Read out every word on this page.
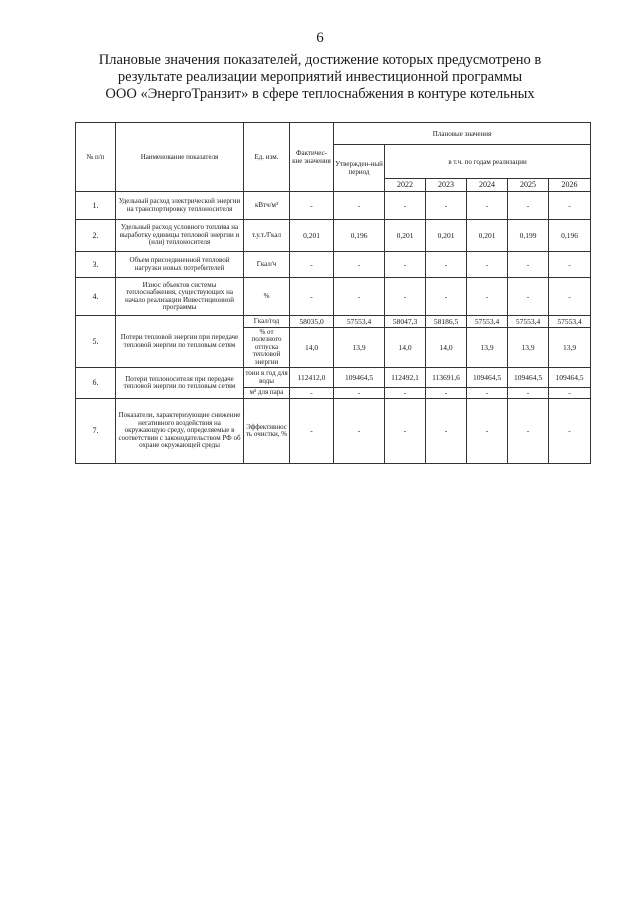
6
Плановые значения показателей, достижение которых предусмотрено в
результате реализации мероприятий инвестиционной программы
ООО «ЭнергоТранзит» в сфере теплоснабжения в контуре котельных
№ п/п	Наименование показателя	Ед. изм.	Фактичес-кие значения	Плановые значения					
				Утвержден-ный период	в т.ч. по годам реализации				
					2022	2023	2024	2025	2026
1.	Удельный расход электрической энергии на транспортировку теплоносителя	кВтч/м³	-	-	-	-	-	-	-
2.	Удельный расход условного топлива на выработку единицы тепловой энергии и (или) теплоносителя	т.у.т./Гкал	0,201	0,196	0,201	0,201	0,201	0,199	0,196
3.	Объем присоединенной тепловой нагрузки новых потребителей	Гкал/ч	-	-	-	-	-	-	-
4.	Износ объектов системы теплоснабжения, существующих на начало реализации Инвестиционной программы	%	-	-	-	-	-	-	-
5.	Потери тепловой энергии при передаче тепловой энергии по тепловым сетям	Гкал/год	58035,0	57553,4	58047,3	58186,5	57553,4	57553,4	57553,4
		% от полезного отпуска тепловой энергии	14,0	13,9	14,0	14,0	13,9	13,9	13,9
6.	Потери теплоносителя при передаче тепловой энергии по тепловым сетям	тонн в год для воды	112412,0	109464,5	112492,1	113691,6	109464,5	109464,5	109464,5
		м³ для пара	-	-	-	-	-	-	-
7.	Показатели, характеризующие снижение негативного воздействия на окружающую среду, определяемые в соответствии с законодательством РФ об охране окружающей среды	Эффективность очистки, %	-	-	-	-	-	-	-
